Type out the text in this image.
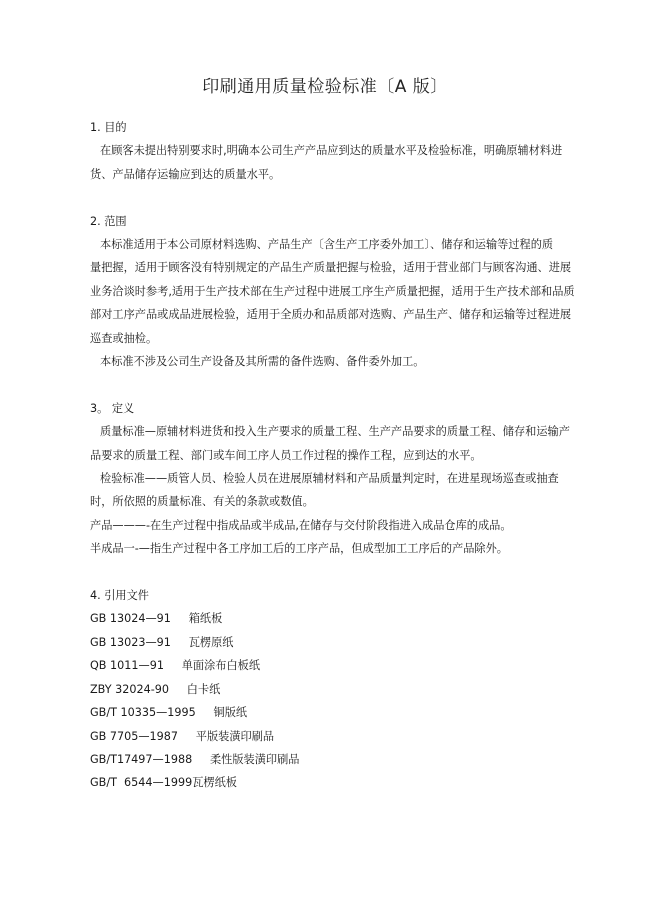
印刷通用质量检验标准〔A 版〕

1. 目的

在顾客未提出特别要求时,明确本公司生产产品应到达的质量水平及检验标准，明确原辅材料进

货、产品储存运输应到达的质量水平。

2. 范围

本标准适用于本公司原材料选购、产品生产〔含生产工序委外加工〕、储存和运输等过程的质

量把握，适用于顾客没有特别规定的产品生产质量把握与检验，适用于营业部门与顾客沟通、进展

业务洽谈时参考,适用于生产技术部在生产过程中进展工序生产质量把握，适用于生产技术部和品质

部对工序产品或成品进展检验，适用于全质办和品质部对选购、产品生产、储存和运输等过程进展

巡查或抽检。

本标准不涉及公司生产设备及其所需的备件选购、备件委外加工。

3。 定义

质量标准—原辅材料进货和投入生产要求的质量工程、生产产品要求的质量工程、储存和运输产

品要求的质量工程、部门或车间工序人员工作过程的操作工程，应到达的水平。

检验标准——质管人员、检验人员在进展原辅材料和产品质量判定时，在进星现场巡查或抽查

时，所依照的质量标准、有关的条款或数值。

产品———-在生产过程中指成品或半成品,在储存与交付阶段指进入成品仓库的成品。

半成品一-—指生产过程中各工序加工后的工序产品，但成型加工工序后的产品除外。

4. 引用文件

GB 13024—91     箱纸板

GB 13023—91     瓦楞原纸

QB 1011—91     单面涂布白板纸

ZBY 32024-90     白卡纸

GB/T 10335—1995     铜版纸

GB 7705—1987     平版装潢印刷品

GB/T17497—1988     柔性版装潢印刷品

GB/T  6544—1999瓦楞纸板
